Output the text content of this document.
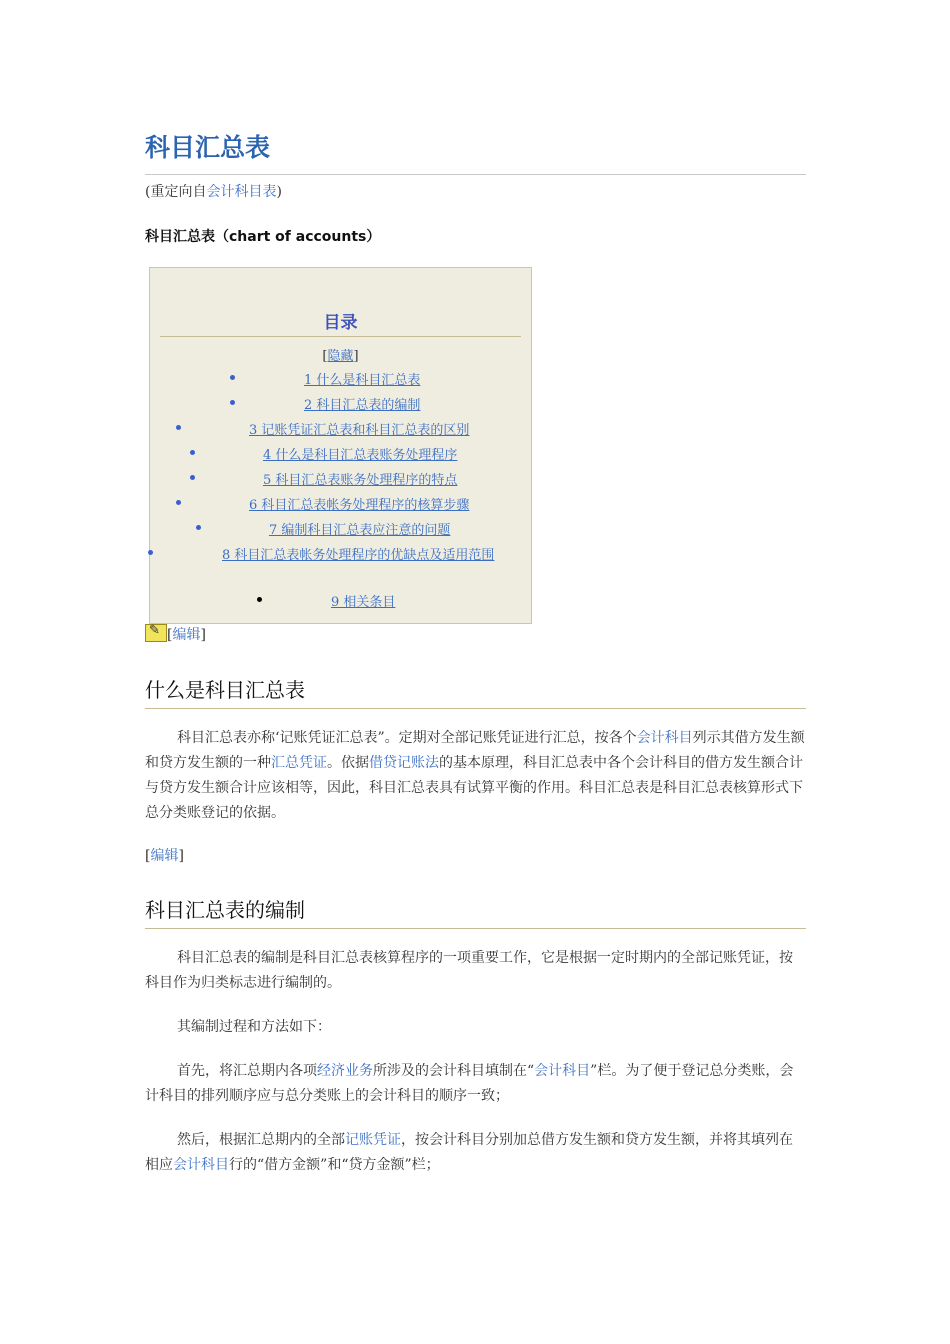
科目汇总表
(重定向自会计科目表)
科目汇总表（chart of accounts）
目录
[隐藏]
1 什么是科目汇总表
2 科目汇总表的编制
3 记账凭证汇总表和科目汇总表的区别
4 什么是科目汇总表账务处理程序
5 科目汇总表账务处理程序的特点
6 科目汇总表帐务处理程序的核算步骤
7 编制科目汇总表应注意的问题
8 科目汇总表帐务处理程序的优缺点及适用范围
9 相关条目
✎[编辑]
什么是科目汇总表
科目汇总表亦称‘记账凭证汇总表”。定期对全部记账凭证进行汇总，按各个会计科目列示其借方发生额和贷方发生额的一种汇总凭证。依据借贷记账法的基本原理，科目汇总表中各个会计科目的借方发生额合计与贷方发生额合计应该相等，因此，科目汇总表具有试算平衡的作用。科目汇总表是科目汇总表核算形式下总分类账登记的依据。
[编辑]
科目汇总表的编制
科目汇总表的编制是科目汇总表核算程序的一项重要工作，它是根据一定时期内的全部记账凭证，按科目作为归类标志进行编制的。
其编制过程和方法如下：
首先，将汇总期内各项经济业务所涉及的会计科目填制在“会计科目”栏。为了便于登记总分类账，会计科目的排列顺序应与总分类账上的会计科目的顺序一致；
然后，根据汇总期内的全部记账凭证，按会计科目分别加总借方发生额和贷方发生额，并将其填列在相应会计科目行的“借方金额”和“贷方金额”栏；
